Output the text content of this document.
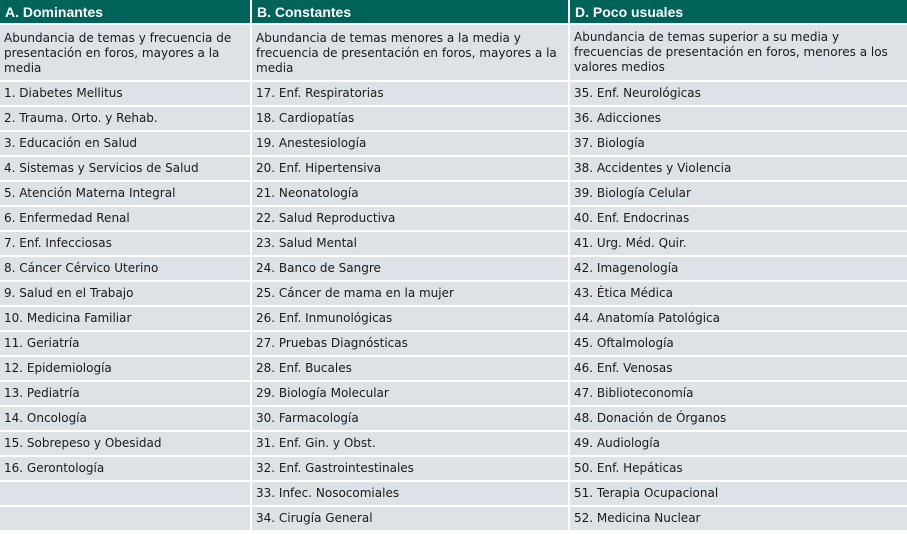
A. Dominantes	B. Constantes	D. Poco usuales
Abundancia de temas y frecuencia de presentación en foros, mayores a la media	Abundancia de temas menores a la media y frecuencia de presentación en foros, mayores a la media	Abundancia de temas superior a su media y frecuencias de presentación en foros, menores a los valores medios
1. Diabetes Mellitus	17. Enf. Respiratorias	35. Enf. Neurológicas
2. Trauma. Orto. y Rehab.	18. Cardiopatías	36. Adicciones
3. Educación en Salud	19. Anestesiología	37. Biología
4. Sistemas y Servicios de Salud	20. Enf. Hipertensiva	38. Accidentes y Violencia
5. Atención Materna Integral	21. Neonatología	39. Biología Celular
6. Enfermedad Renal	22. Salud Reproductiva	40. Enf. Endocrinas
7. Enf. Infecciosas	23. Salud Mental	41. Urg. Méd. Quir.
8. Cáncer Cérvico Uterino	24. Banco de Sangre	42. Imagenología
9. Salud en el Trabajo	25. Cáncer de mama en la mujer	43. Ética Médica
10. Medicina Familiar	26. Enf. Inmunológicas	44. Anatomía Patológica
11. Geriatría	27. Pruebas Diagnósticas	45. Oftalmología
12. Epidemiología	28. Enf. Bucales	46. Enf. Venosas
13. Pediatría	29. Biología Molecular	47. Biblioteconomía
14. Oncología	30. Farmacología	48. Donación de Órganos
15. Sobrepeso y Obesidad	31. Enf. Gin. y Obst.	49. Audiología
16. Gerontología	32. Enf. Gastrointestinales	50. Enf. Hepáticas
	33. Infec. Nosocomiales	51. Terapia Ocupacional
	34. Cirugía General	52. Medicina Nuclear
